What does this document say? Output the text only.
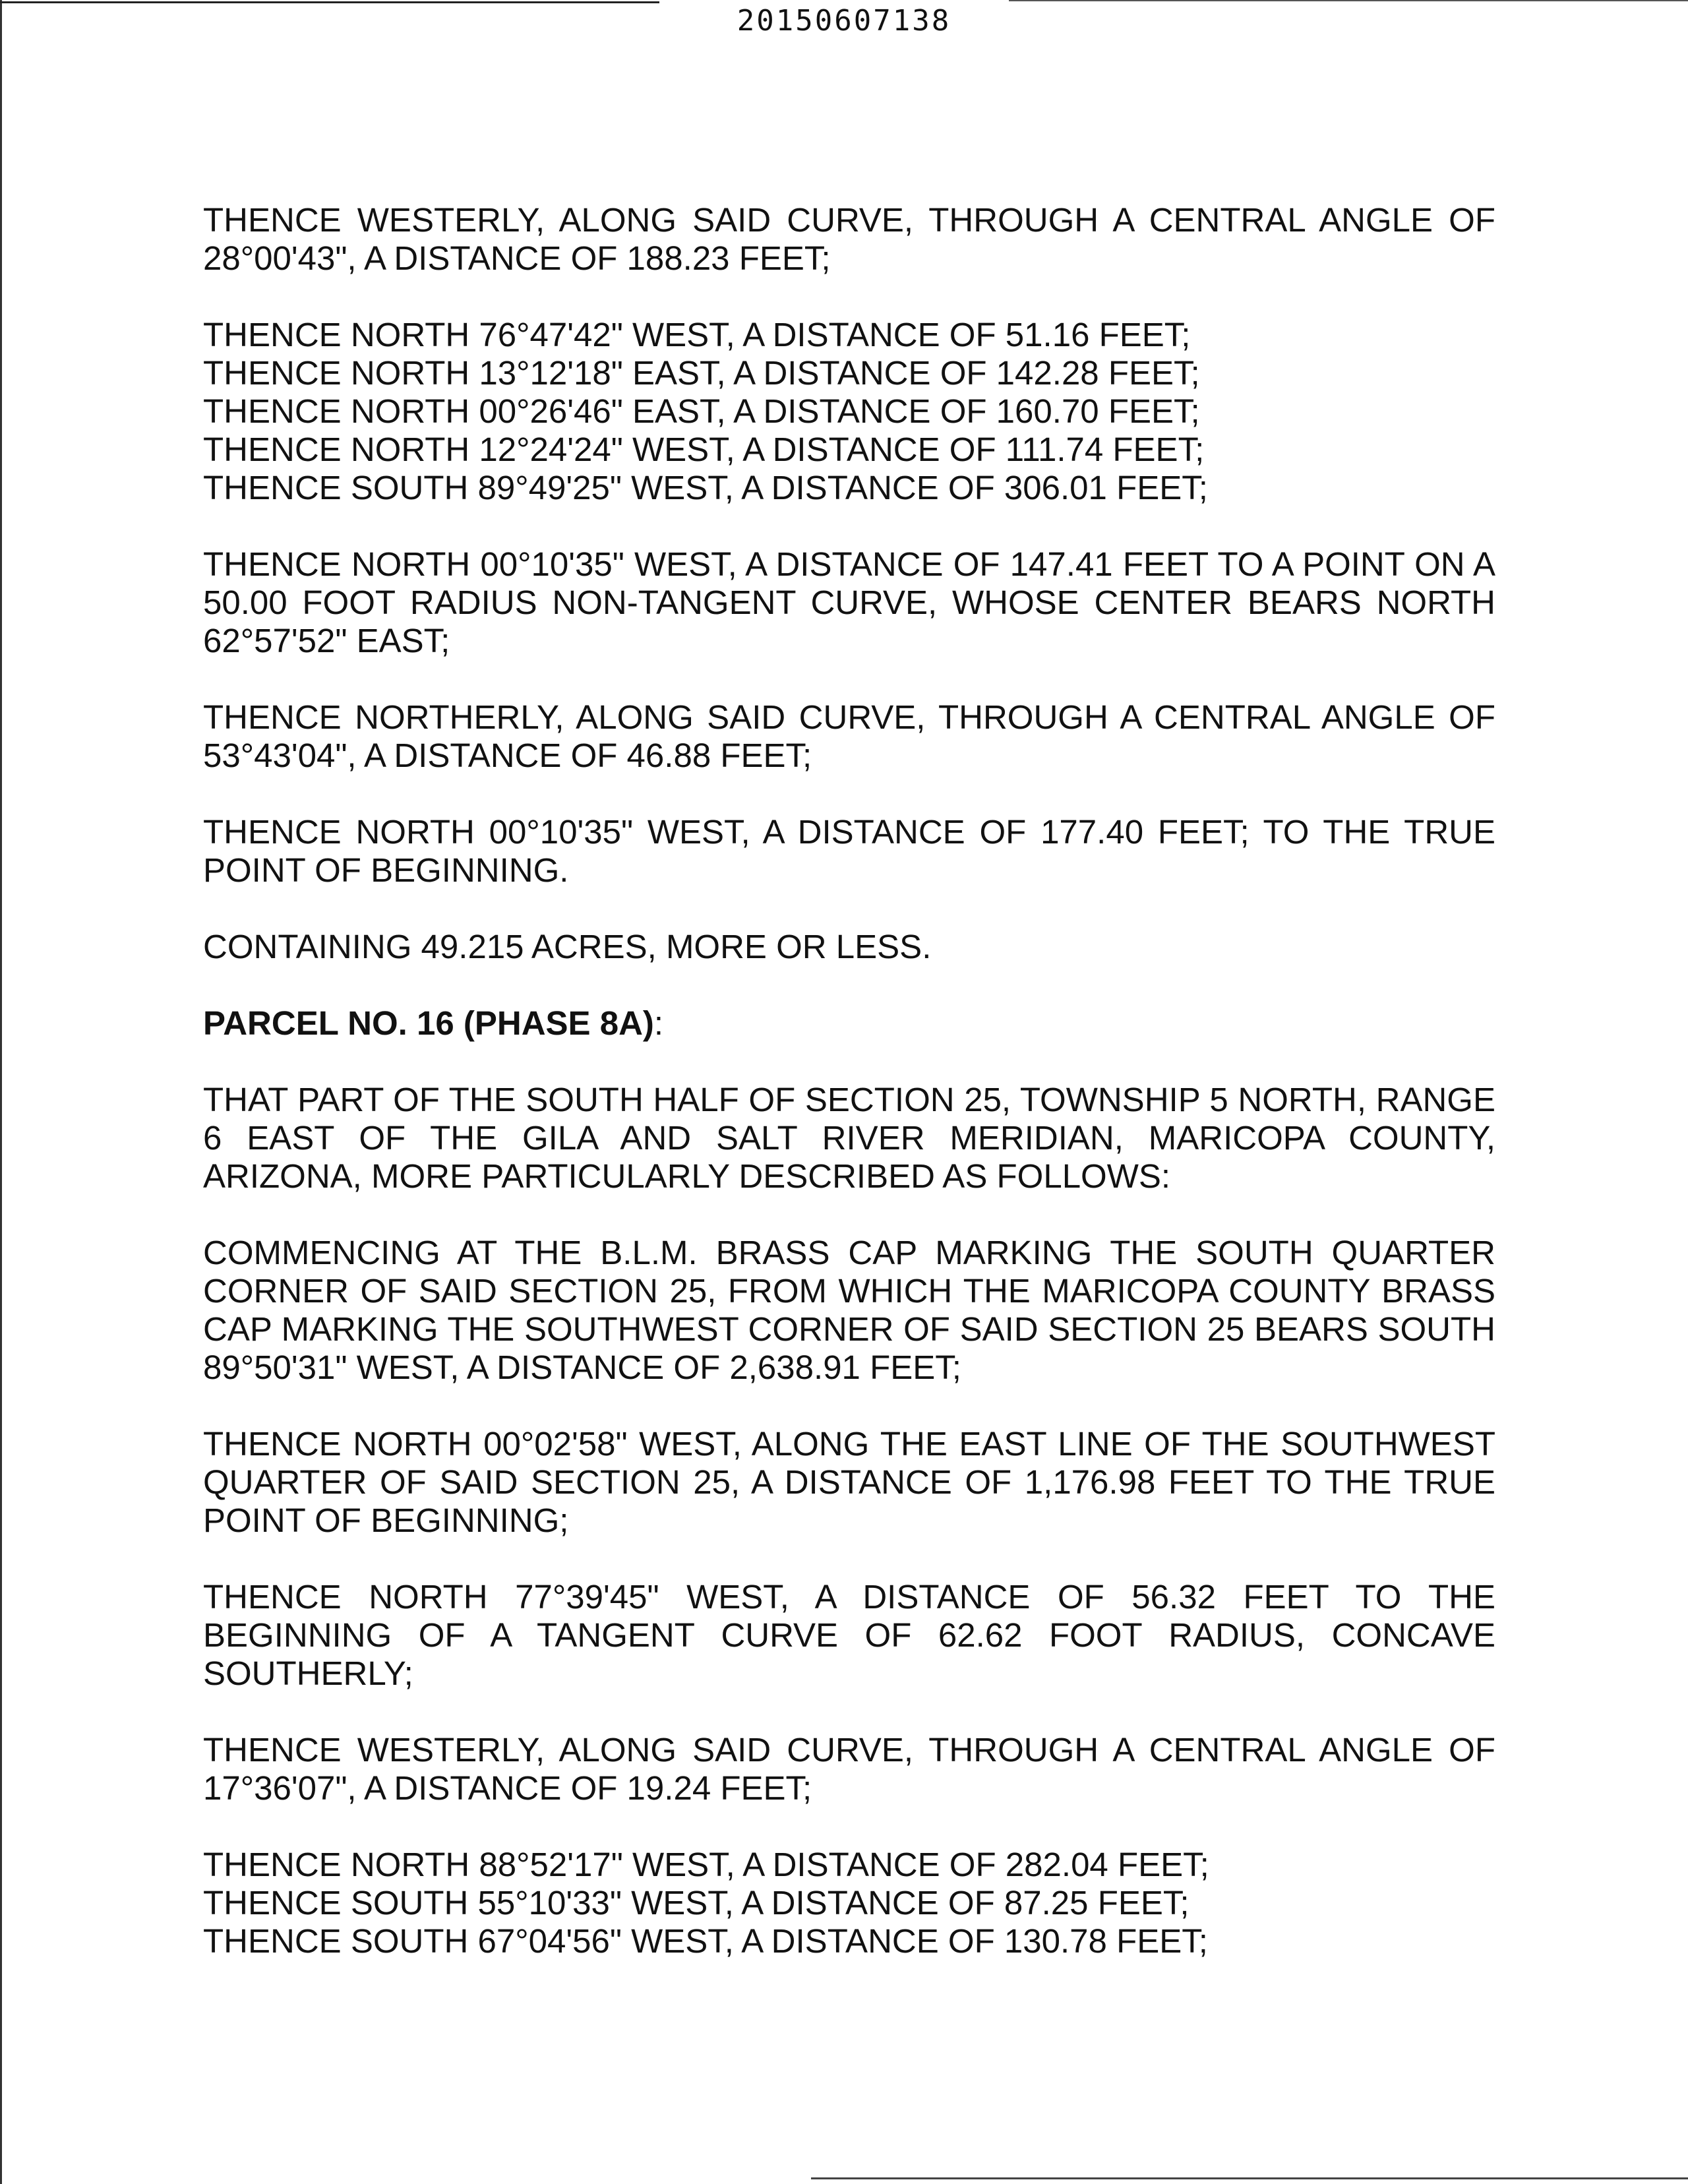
20150607138
THENCE WESTERLY, ALONG SAID CURVE, THROUGH A CENTRAL ANGLE OF
28°00'43", A DISTANCE OF 188.23 FEET;
THENCE NORTH 76°47'42" WEST, A DISTANCE OF 51.16 FEET;
THENCE NORTH 13°12'18" EAST, A DISTANCE OF 142.28 FEET;
THENCE NORTH 00°26'46" EAST, A DISTANCE OF 160.70 FEET;
THENCE NORTH 12°24'24" WEST, A DISTANCE OF 111.74 FEET;
THENCE SOUTH 89°49'25" WEST, A DISTANCE OF 306.01 FEET;
THENCE NORTH 00°10'35" WEST, A DISTANCE OF 147.41 FEET TO A POINT ON A
50.00 FOOT RADIUS NON-TANGENT CURVE, WHOSE CENTER BEARS NORTH
62°57'52" EAST;
THENCE NORTHERLY, ALONG SAID CURVE, THROUGH A CENTRAL ANGLE OF
53°43'04", A DISTANCE OF 46.88 FEET;
THENCE NORTH 00°10'35" WEST, A DISTANCE OF 177.40 FEET; TO THE TRUE
POINT OF BEGINNING.
CONTAINING 49.215 ACRES, MORE OR LESS.
PARCEL NO. 16 (PHASE 8A):
THAT PART OF THE SOUTH HALF OF SECTION 25, TOWNSHIP 5 NORTH, RANGE
6 EAST OF THE GILA AND SALT RIVER MERIDIAN, MARICOPA COUNTY,
ARIZONA, MORE PARTICULARLY DESCRIBED AS FOLLOWS:
COMMENCING AT THE B.L.M. BRASS CAP MARKING THE SOUTH QUARTER
CORNER OF SAID SECTION 25, FROM WHICH THE MARICOPA COUNTY BRASS
CAP MARKING THE SOUTHWEST CORNER OF SAID SECTION 25 BEARS SOUTH
89°50'31" WEST, A DISTANCE OF 2,638.91 FEET;
THENCE NORTH 00°02'58" WEST, ALONG THE EAST LINE OF THE SOUTHWEST
QUARTER OF SAID SECTION 25, A DISTANCE OF 1,176.98 FEET TO THE TRUE
POINT OF BEGINNING;
THENCE NORTH 77°39'45" WEST, A DISTANCE OF 56.32 FEET TO THE
BEGINNING OF A TANGENT CURVE OF 62.62 FOOT RADIUS, CONCAVE
SOUTHERLY;
THENCE WESTERLY, ALONG SAID CURVE, THROUGH A CENTRAL ANGLE OF
17°36'07", A DISTANCE OF 19.24 FEET;
THENCE NORTH 88°52'17" WEST, A DISTANCE OF 282.04 FEET;
THENCE SOUTH 55°10'33" WEST, A DISTANCE OF 87.25 FEET;
THENCE SOUTH 67°04'56" WEST, A DISTANCE OF 130.78 FEET;
